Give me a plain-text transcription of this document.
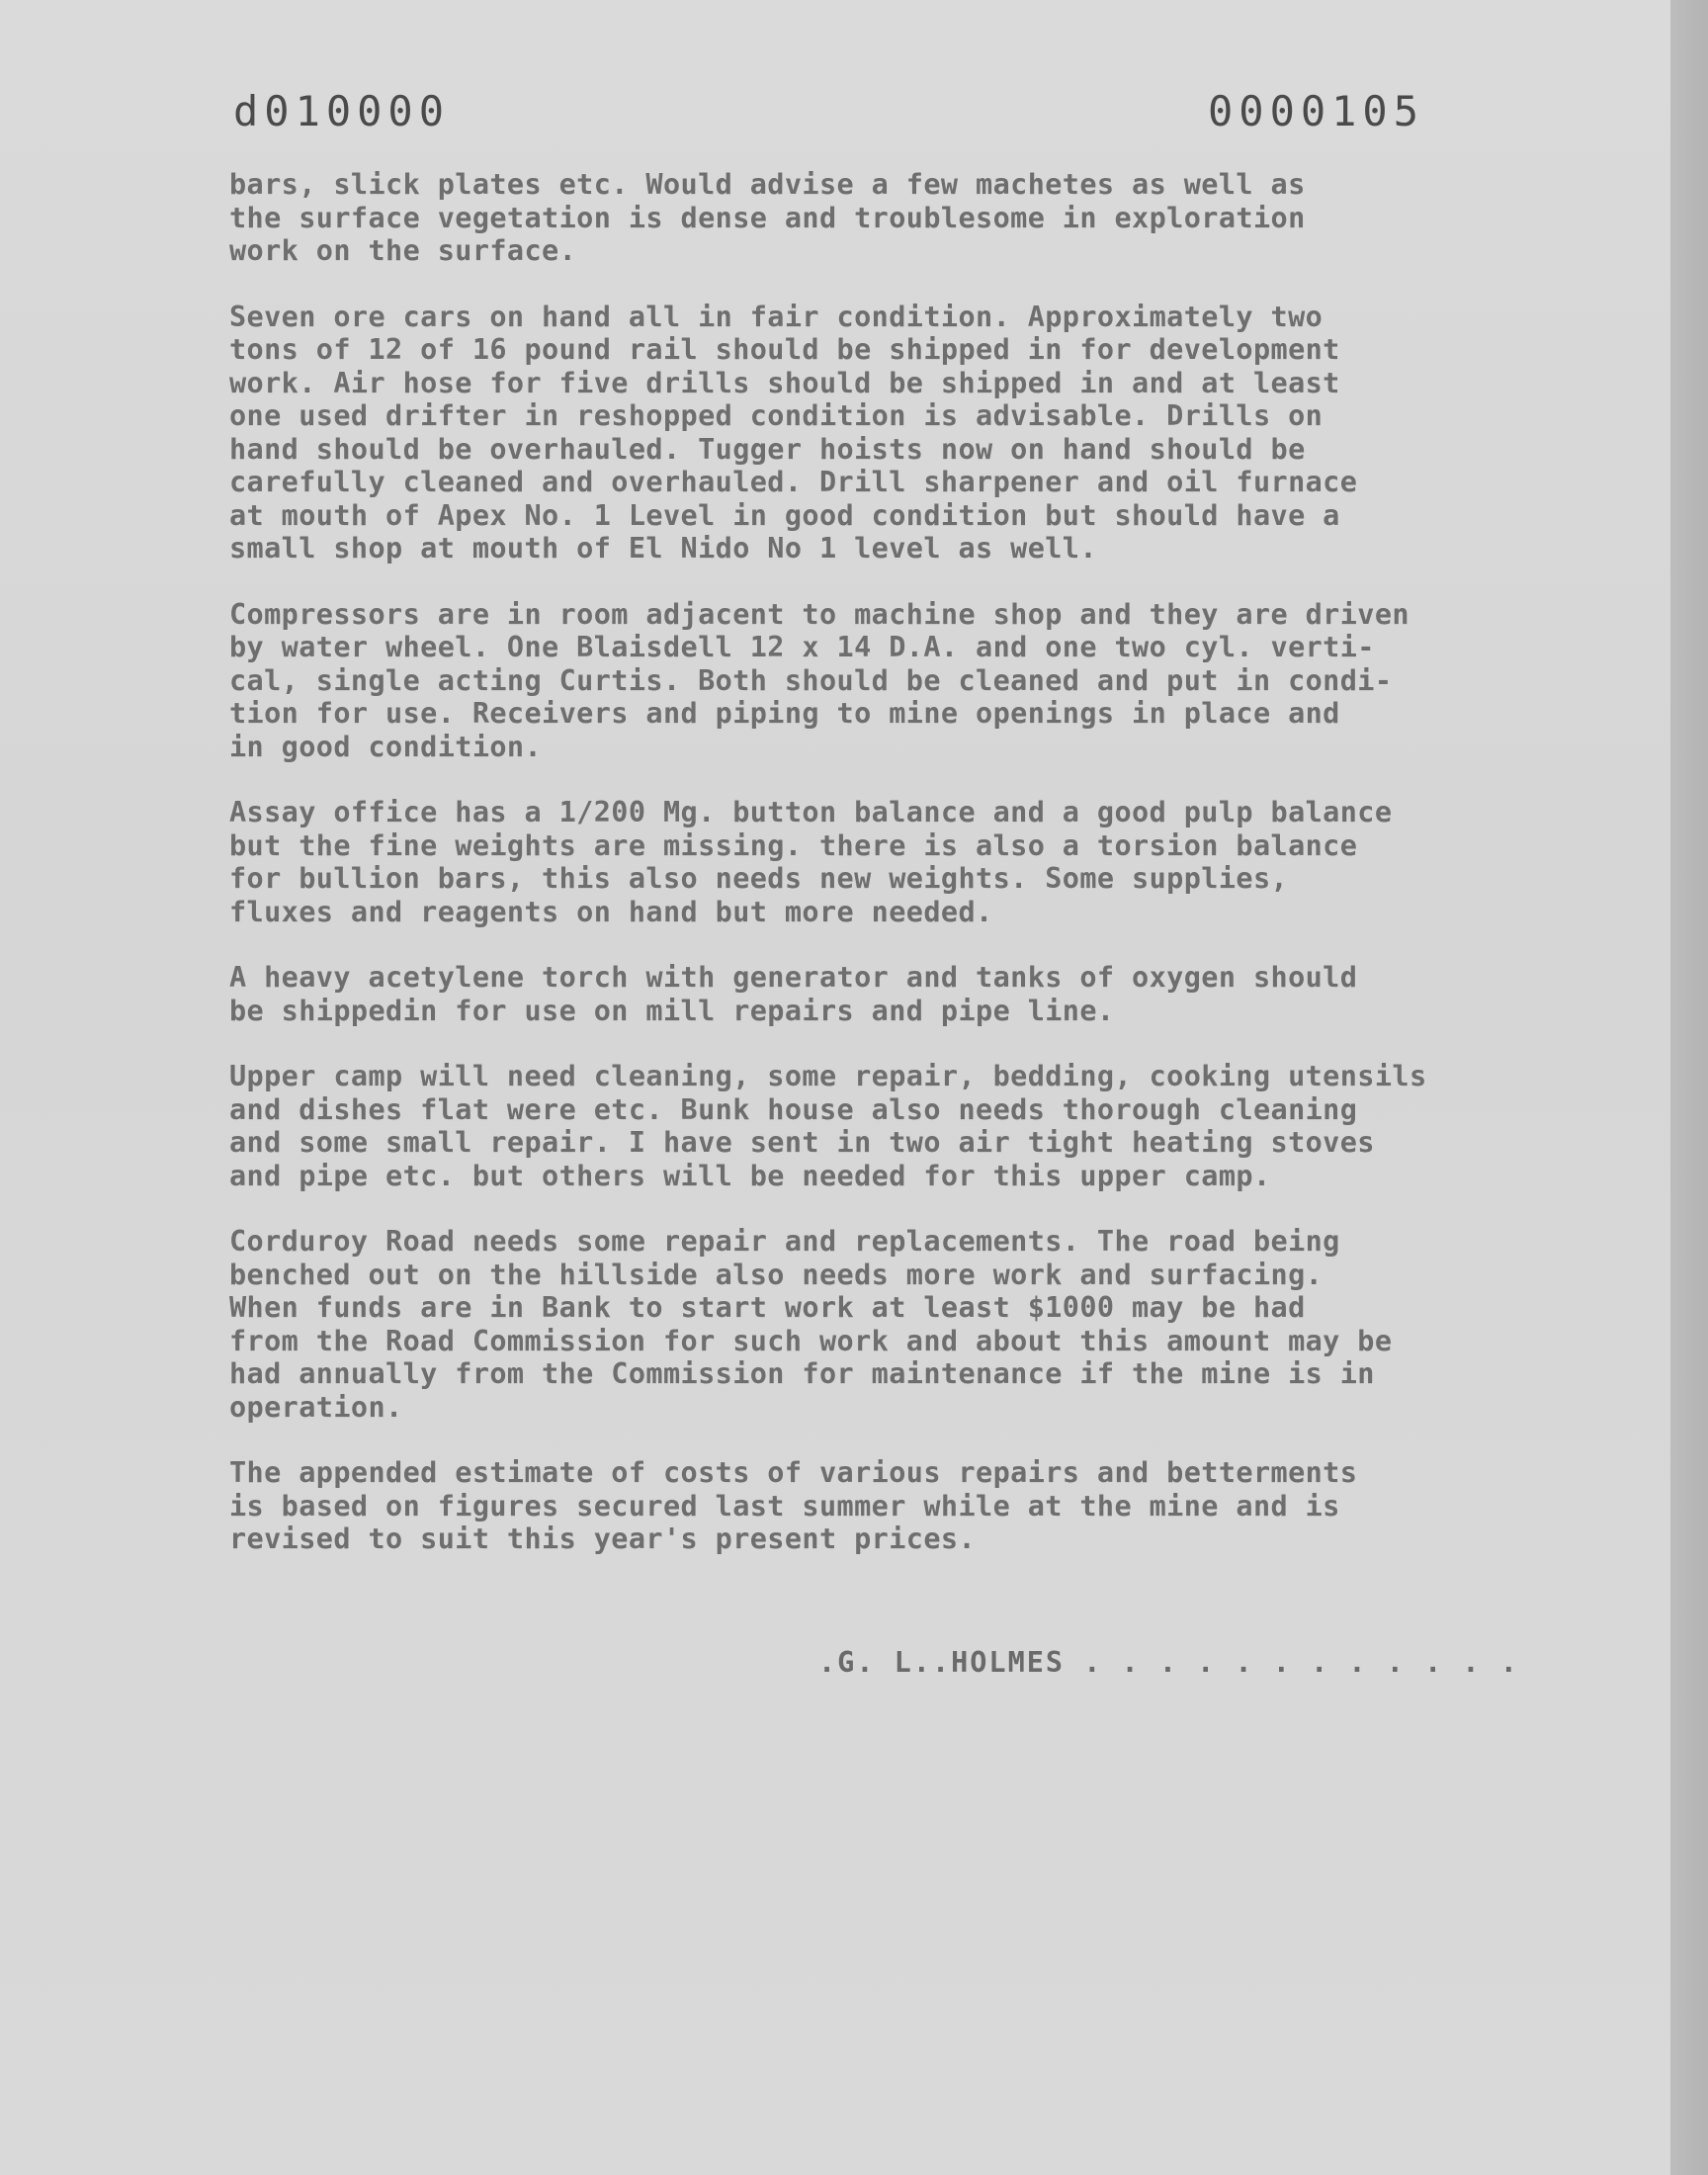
d010000	0000105

bars, slick plates etc. Would advise a few machetes as well as
the surface vegetation is dense and troublesome in exploration
work on the surface.

Seven ore cars on hand all in fair condition. Approximately two
tons of 12 of 16 pound rail should be shipped in for development
work. Air hose for five drills should be shipped in and at least
one used drifter in reshopped condition is advisable. Drills on
hand should be overhauled. Tugger hoists now on hand should be
carefully cleaned and overhauled. Drill sharpener and oil furnace
at mouth of Apex No. 1 Level in good condition but should have a
small shop at mouth of El Nido No 1 level as well.

Compressors are in room adjacent to machine shop and they are driven
by water wheel. One Blaisdell 12 x 14 D.A. and one two cyl. verti-
cal, single acting Curtis. Both should be cleaned and put in condi-
tion for use. Receivers and piping to mine openings in place and
in good condition.

Assay office has a 1/200 Mg. button balance and a good pulp balance
but the fine weights are missing. there is also a torsion balance
for bullion bars, this also needs new weights. Some supplies,
fluxes and reagents on hand but more needed.

A heavy acetylene torch with generator and tanks of oxygen should
be shippedin for use on mill repairs and pipe line.

Upper camp will need cleaning, some repair, bedding, cooking utensils
and dishes flat were etc. Bunk house also needs thorough cleaning
and some small repair. I have sent in two air tight heating stoves
and pipe etc. but others will be needed for this upper camp.

Corduroy Road needs some repair and replacements. The road being
benched out on the hillside also needs more work and surfacing.
When funds are in Bank to start work at least $1000 may be had
from the Road Commission for such work and about this amount may be
had annually from the Commission for maintenance if the mine is in
operation.

The appended estimate of costs of various repairs and betterments
is based on figures secured last summer while at the mine and is
revised to suit this year's present prices.

.G. L..HOLMES . . . . . . . . . . . .
